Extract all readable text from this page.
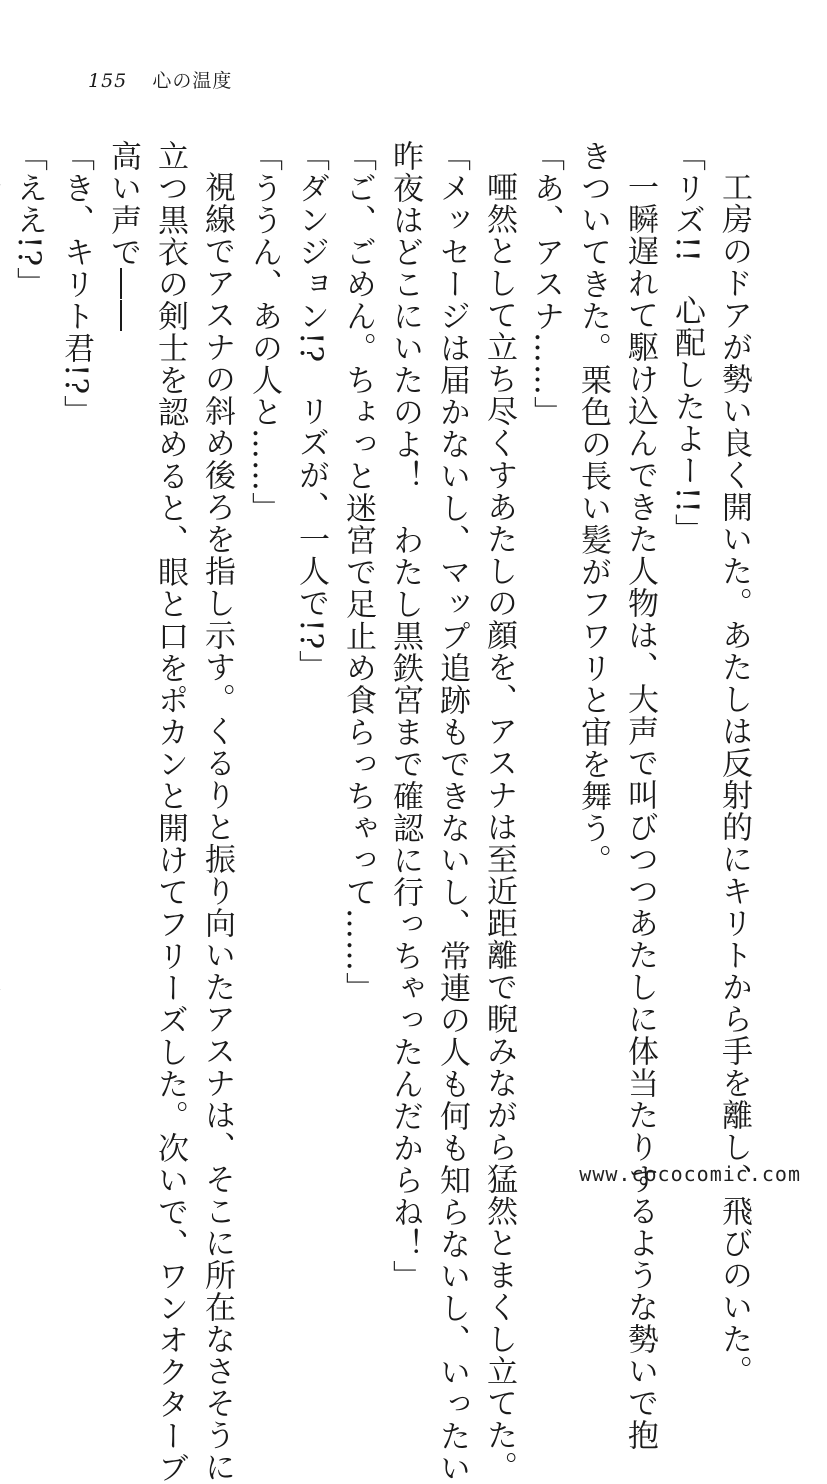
155 心の温度
工房のドアが勢い良く開いた。あたしは反射的にキリトから手を離し、飛びのいた。
「リズ!!　心配したよー!!」
一瞬遅れて駆け込んできた人物は、大声で叫びつつあたしに体当たりするような勢いで抱
きついてきた。栗色の長い髪がフワリと宙を舞う。
「あ、アスナ……」
唖然として立ち尽くすあたしの顔を、アスナは至近距離で睨みながら猛然とまくし立てた。
「メッセージは届かないし、マップ追跡もできないし、常連の人も何も知らないし、いったい
昨夜はどこにいたのよ！　わたし黒鉄宮まで確認に行っちゃったんだからね！」
「ご、ごめん。ちょっと迷宮で足止め食らっちゃって……」
「ダンジョン!?　リズが、一人で!?」
「ううん、あの人と……」
視線でアスナの斜め後ろを指し示す。くるりと振り向いたアスナは、そこに所在なさそうに
立つ黒衣の剣士を認めると、眼と口をポカンと開けてフリーズした。次いで、ワンオクターブ
高い声で――
「き、キリト君!?」
「ええ!?」
www.cococomic.com
